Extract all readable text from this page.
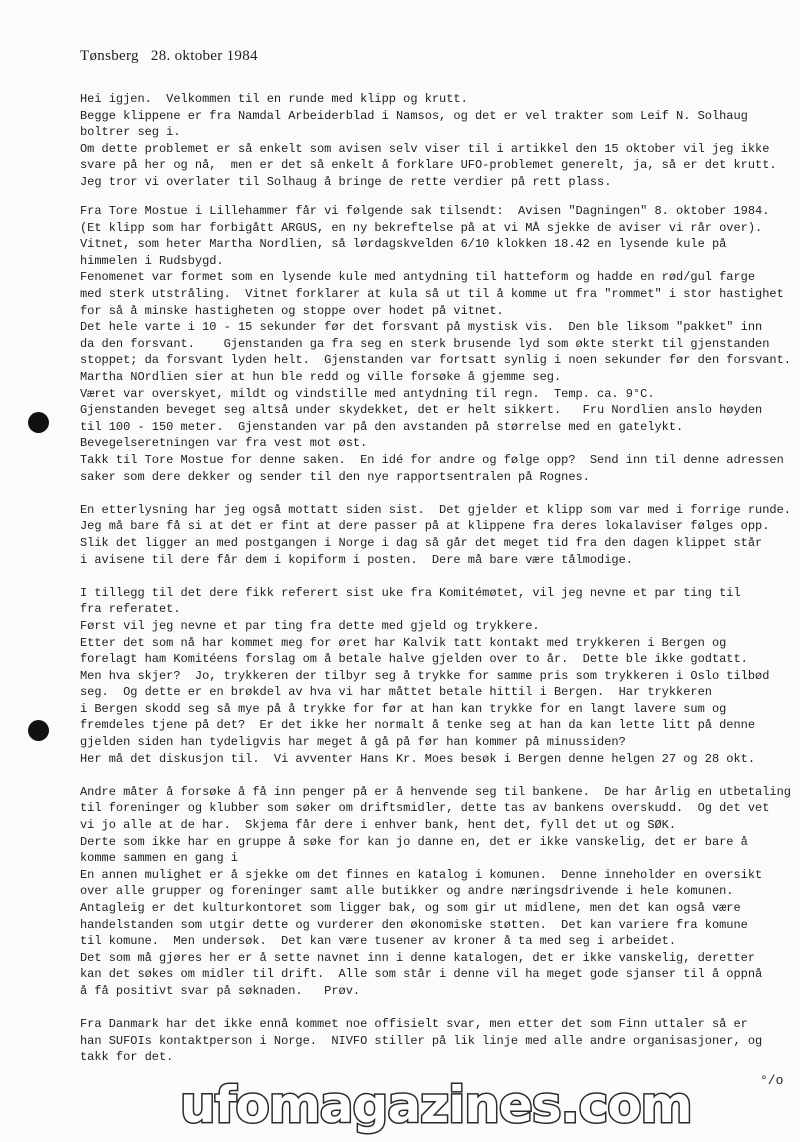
Tønsberg   28. oktober 1984
Hei igjen.  Velkommen til en runde med klipp og krutt.
Begge klippene er fra Namdal Arbeiderblad i Namsos, og det er vel trakter som Leif N. Solhaug
boltrer seg i.
Om dette problemet er så enkelt som avisen selv viser til i artikkel den 15 oktober vil jeg ikke
svare på her og nå,  men er det så enkelt å forklare UFO-problemet generelt, ja, så er det krutt.
Jeg tror vi overlater til Solhaug å bringe de rette verdier på rett plass.
Fra Tore Mostue i Lillehammer får vi følgende sak tilsendt:  Avisen "Dagningen" 8. oktober 1984.
(Et klipp som har forbigått ARGUS, en ny bekreftelse på at vi MÅ sjekke de aviser vi rår over).
Vitnet, som heter Martha Nordlien, så lørdagskvelden 6/10 klokken 18.42 en lysende kule på
himmelen i Rudsbygd.
Fenomenet var formet som en lysende kule med antydning til hatteform og hadde en rød/gul farge
med sterk utstråling.  Vitnet forklarer at kula så ut til å komme ut fra "rommet" i stor hastighet
for så å minske hastigheten og stoppe over hodet på vitnet.
Det hele varte i 10 - 15 sekunder før det forsvant på mystisk vis.  Den ble liksom "pakket" inn
da den forsvant.    Gjenstanden ga fra seg en sterk brusende lyd som økte sterkt til gjenstanden
stoppet; da forsvant lyden helt.  Gjenstanden var fortsatt synlig i noen sekunder før den forsvant.
Martha NOrdlien sier at hun ble redd og ville forsøke å gjemme seg.
Været var overskyet, mildt og vindstille med antydning til regn.  Temp. ca. 9°C.
Gjenstanden beveget seg altså under skydekket, det er helt sikkert.   Fru Nordlien anslo høyden
til 100 - 150 meter.  Gjenstanden var på den avstanden på størrelse med en gatelykt.
Bevegelseretningen var fra vest mot øst.
Takk til Tore Mostue for denne saken.  En idé for andre og følge opp?  Send inn til denne adressen
saker som dere dekker og sender til den nye rapportsentralen på Rognes.
En etterlysning har jeg også mottatt siden sist.  Det gjelder et klipp som var med i forrige runde.
Jeg må bare få si at det er fint at dere passer på at klippene fra deres lokalaviser følges opp.
Slik det ligger an med postgangen i Norge i dag så går det meget tid fra den dagen klippet står
i avisene til dere får dem i kopiform i posten.  Dere må bare være tålmodige.
I tillegg til det dere fikk referert sist uke fra Komitémøtet, vil jeg nevne et par ting til
fra referatet.
Først vil jeg nevne et par ting fra dette med gjeld og trykkere.
Etter det som nå har kommet meg for øret har Kalvik tatt kontakt med trykkeren i Bergen og
forelagt ham Komitéens forslag om å betale halve gjelden over to år.  Dette ble ikke godtatt.
Men hva skjer?  Jo, trykkeren der tilbyr seg å trykke for samme pris som trykkeren i Oslo tilbød
seg.  Og dette er en brøkdel av hva vi har måttet betale hittil i Bergen.  Har trykkeren
i Bergen skodd seg så mye på å trykke for før at han kan trykke for en langt lavere sum og
fremdeles tjene på det?  Er det ikke her normalt å tenke seg at han da kan lette litt på denne
gjelden siden han tydeligvis har meget å gå på før han kommer på minussiden?
Her må det diskusjon til.  Vi avventer Hans Kr. Moes besøk i Bergen denne helgen 27 og 28 okt.
Andre måter å forsøke å få inn penger på er å henvende seg til bankene.  De har årlig en utbetaling
til foreninger og klubber som søker om driftsmidler, dette tas av bankens overskudd.  Og det vet
vi jo alle at de har.  Skjema får dere i enhver bank, hent det, fyll det ut og SØK.
Derte som ikke har en gruppe å søke for kan jo danne en, det er ikke vanskelig, det er bare å
komme sammen en gang i
En annen mulighet er å sjekke om det finnes en katalog i komunen.  Denne inneholder en oversikt
over alle grupper og foreninger samt alle butikker og andre næringsdrivende i hele komunen.
Antagleig er det kulturkontoret som ligger bak, og som gir ut midlene, men det kan også være
handelstanden som utgir dette og vurderer den økonomiske støtten.  Det kan variere fra komune
til komune.  Men undersøk.  Det kan være tusener av kroner å ta med seg i arbeidet.
Det som må gjøres her er å sette navnet inn i denne katalogen, det er ikke vanskelig, deretter
kan det søkes om midler til drift.  Alle som står i denne vil ha meget gode sjanser til å oppnå
å få positivt svar på søknaden.   Prøv.
Fra Danmark har det ikke ennå kommet noe offisielt svar, men etter det som Finn uttaler så er
han SUFOIs kontaktperson i Norge.  NIVFO stiller på lik linje med alle andre organisasjoner, og
takk for det.
°/o
ufomagazines.com
